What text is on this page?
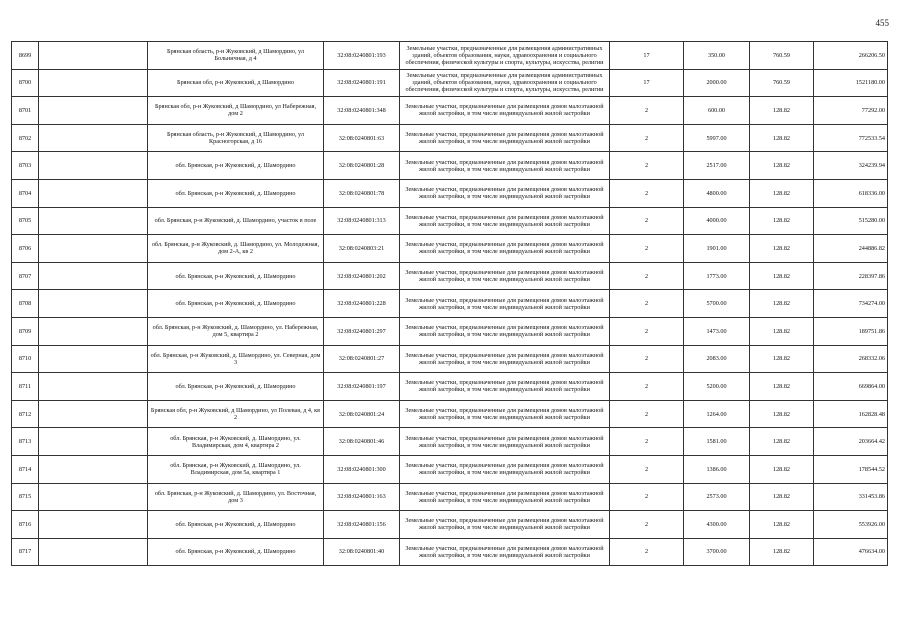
455
8699		Брянская область, р-н Жуковский, д Шамордино, ул Больничная, д 4	32:08:0240801:193	Земельные участки, предназначенные для размещения административных зданий, объектов образования, науки, здравоохранения и социального обеспечения, физической культуры и спорта, культуры, искусства, религии	17	350.00	760.59	266206.50
8700		Брянская обл, р-н Жуковский, д Шамордино	32:08:0240801:191	Земельные участки, предназначенные для размещения административных зданий, объектов образования, науки, здравоохранения и социального обеспечения, физической культуры и спорта, культуры, искусства, религии	17	2000.00	760.59	1521180.00
8701		Брянская обл, р-н Жуковский, д Шамордино, ул Набережная, дом 2	32:08:0240801:348	Земельные участки, предназначенные для размещения домов малоэтажной жилой застройки, в том числе индивидуальной жилой застройки	2	600.00	128.82	77292.00
8702		Брянская область, р-н Жуковский, д Шамордино, ул Красногорская, д 16	32:08:0240801:63	Земельные участки, предназначенные для размещения домов малоэтажной жилой застройки, в том числе индивидуальной жилой застройки	2	5997.00	128.82	772533.54
8703		обл. Брянская, р-н Жуковский, д. Шамордино	32:08:0240801:28	Земельные участки, предназначенные для размещения домов малоэтажной жилой застройки, в том числе индивидуальной жилой застройки	2	2517.00	128.82	324239.94
8704		обл. Брянская, р-н Жуковский, д. Шамордино	32:08:0240801:78	Земельные участки, предназначенные для размещения домов малоэтажной жилой застройки, в том числе индивидуальной жилой застройки	2	4800.00	128.82	618336.00
8705		обл. Брянская, р-н Жуковский, д. Шамордино, участок в поле	32:08:0240801:313	Земельные участки, предназначенные для размещения домов малоэтажной жилой застройки, в том числе индивидуальной жилой застройки	2	4000.00	128.82	515280.00
8706		обл. Брянская, р-н Жуковский, д. Шамордино, ул. Молодежная, дом 2-А, кв 2	32:08:0240803:21	Земельные участки, предназначенные для размещения домов малоэтажной жилой застройки, в том числе индивидуальной жилой застройки	2	1901.00	128.82	244886.82
8707		обл. Брянская, р-н Жуковский, д. Шамордино	32:08:0240801:202	Земельные участки, предназначенные для размещения домов малоэтажной жилой застройки, в том числе индивидуальной жилой застройки	2	1773.00	128.82	228397.86
8708		обл. Брянская, р-н Жуковский, д. Шамордино	32:08:0240801:228	Земельные участки, предназначенные для размещения домов малоэтажной жилой застройки, в том числе индивидуальной жилой застройки	2	5700.00	128.82	734274.00
8709		обл. Брянская, р-н Жуковский, д. Шамордино, ул. Набережная, дом 5, квартира 2	32:08:0240801:297	Земельные участки, предназначенные для размещения домов малоэтажной жилой застройки, в том числе индивидуальной жилой застройки	2	1473.00	128.82	189751.86
8710		обл. Брянская, р-н Жуковский, д. Шамордино, ул. Северная, дом 3	32:08:0240801:27	Земельные участки, предназначенные для размещения домов малоэтажной жилой застройки, в том числе индивидуальной жилой застройки	2	2083.00	128.82	268332.06
8711		обл. Брянская, р-н Жуковский, д. Шамордино	32:08:0240801:197	Земельные участки, предназначенные для размещения домов малоэтажной жилой застройки, в том числе индивидуальной жилой застройки	2	5200.00	128.82	669864.00
8712		Брянская обл, р-н Жуковский, д Шамордино, ул Полевая, д 4, кв 2	32:08:0240801:24	Земельные участки, предназначенные для размещения домов малоэтажной жилой застройки, в том числе индивидуальной жилой застройки	2	1264.00	128.82	162828.48
8713		обл. Брянская, р-н Жуковский, д. Шамордино, ул. Владимирская, дом 4, квартира 2	32:08:0240801:46	Земельные участки, предназначенные для размещения домов малоэтажной жилой застройки, в том числе индивидуальной жилой застройки	2	1581.00	128.82	203664.42
8714		обл. Брянская, р-н Жуковский, д. Шамордино, ул. Владимирская, дом 5а, квартира 1	32:08:0240801:300	Земельные участки, предназначенные для размещения домов малоэтажной жилой застройки, в том числе индивидуальной жилой застройки	2	1386.00	128.82	178544.52
8715		обл. Брянская, р-н Жуковский, д. Шамордино, ул. Восточная, дом 3	32:08:0240801:163	Земельные участки, предназначенные для размещения домов малоэтажной жилой застройки, в том числе индивидуальной жилой застройки	2	2573.00	128.82	331453.86
8716		обл. Брянская, р-н Жуковский, д. Шамордино	32:08:0240801:156	Земельные участки, предназначенные для размещения домов малоэтажной жилой застройки, в том числе индивидуальной жилой застройки	2	4300.00	128.82	553926.00
8717		обл. Брянская, р-н Жуковский, д. Шамордино	32:08:0240801:40	Земельные участки, предназначенные для размещения домов малоэтажной жилой застройки, в том числе индивидуальной жилой застройки	2	3700.00	128.82	476634.00
